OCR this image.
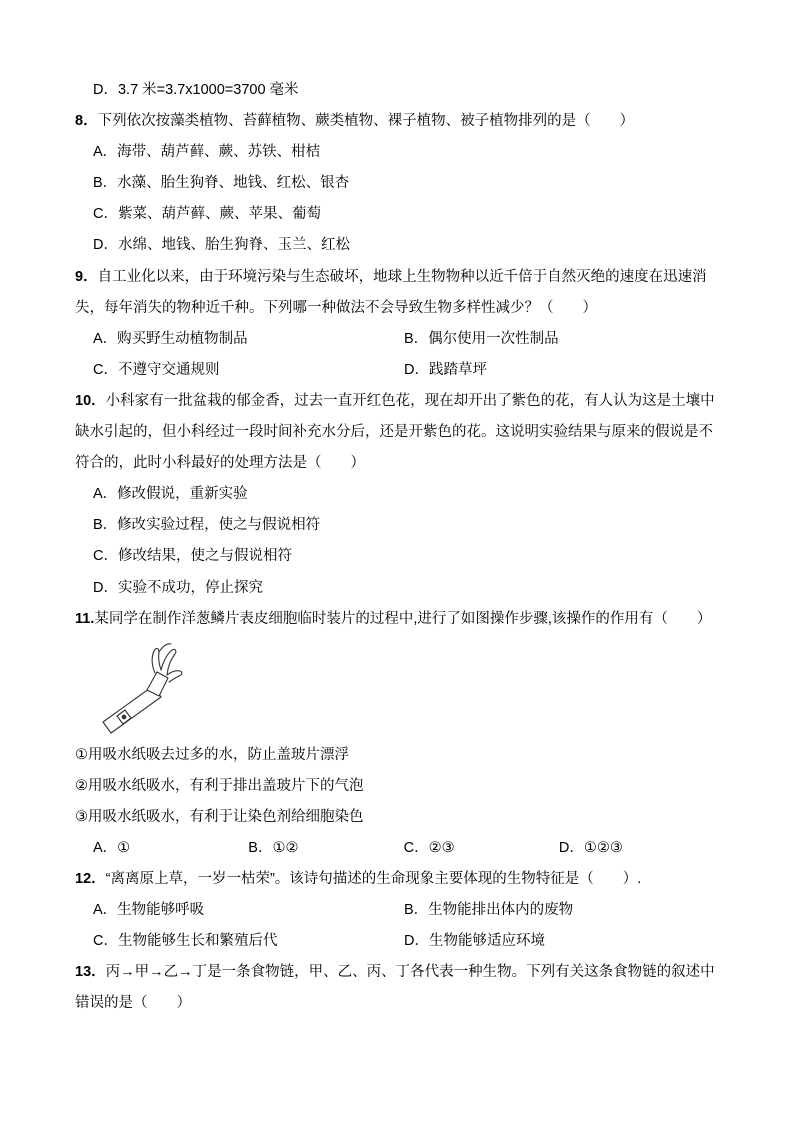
D．3.7 米=3.7x1000=3700 毫米
8．下列依次按藻类植物、苔藓植物、蕨类植物、裸子植物、被子植物排列的是（　　）
A．海带、葫芦藓、蕨、苏铁、柑桔
B．水藻、胎生狗脊、地钱、红松、银杏
C．紫菜、葫芦藓、蕨、苹果、葡萄
D．水绵、地钱、胎生狗脊、玉兰、红松
9．自工业化以来，由于环境污染与生态破坏，地球上生物物种以近千倍于自然灭绝的速度在迅速消
失，每年消失的物种近千种。下列哪一种做法不会导致生物多样性减少？（　　）
A．购买野生动植物制品	B．偶尔使用一次性制品
C．不遵守交通规则	D．践踏草坪
10．小科家有一批盆栽的郁金香，过去一直开红色花，现在却开出了紫色的花，有人认为这是土壤中
缺水引起的，但小科经过一段时间补充水分后，还是开紫色的花。这说明实验结果与原来的假说是不
符合的，此时小科最好的处理方法是（　　）
A．修改假说，重新实验
B．修改实验过程，使之与假说相符
C．修改结果，使之与假说相符
D．实验不成功，停止探究
11.某同学在制作洋葱鳞片表皮细胞临时装片的过程中,进行了如图操作步骤,该操作的作用有（　　）
①用吸水纸吸去过多的水，防止盖玻片漂浮
②用吸水纸吸水，有利于排出盖玻片下的气泡
③用吸水纸吸水，有利于让染色剂给细胞染色
A．①	B．①②	C．②③	D．①②③
12．“离离原上草，一岁一枯荣”。该诗句描述的生命现象主要体现的生物特征是（　　）.
A．生物能够呼吸	B．生物能排出体内的废物
C．生物能够生长和繁殖后代	D．生物能够适应环境
13．丙→甲→乙→丁是一条食物链，甲、乙、丙、丁各代表一种生物。下列有关这条食物链的叙述中
错误的是（　　）
